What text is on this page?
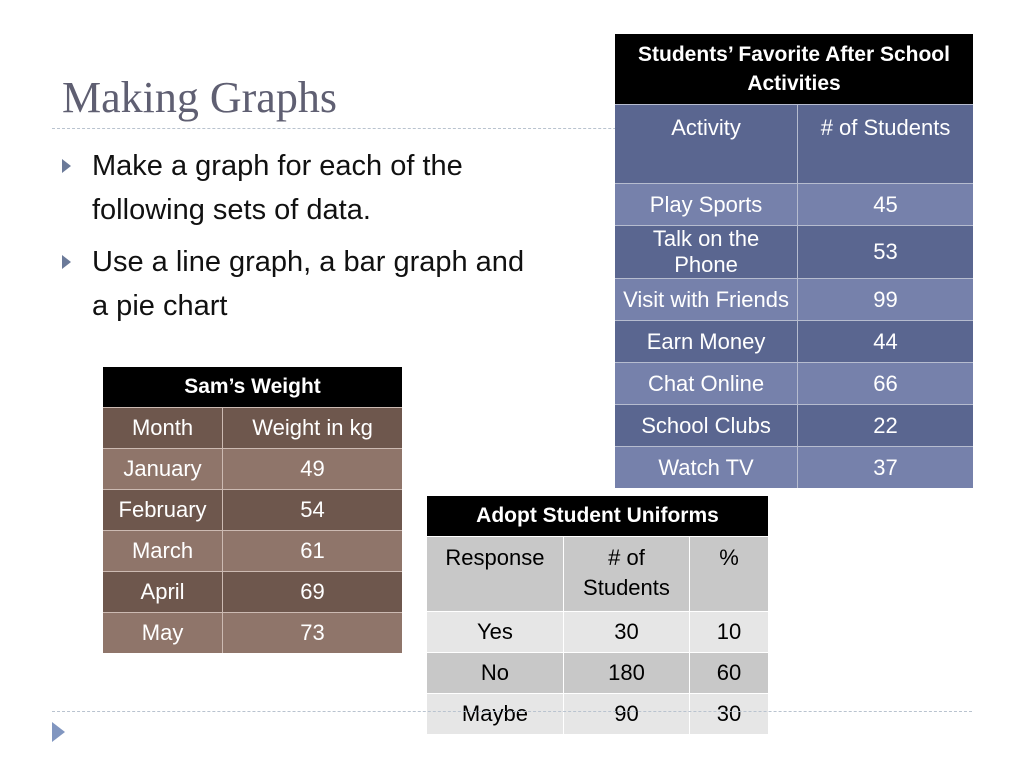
Making Graphs
Make a graph for each of the following sets of data.
Use a line graph, a bar graph and a pie chart
Students’ Favorite After School Activities	
Activity	# of Students
Play Sports	45
Talk on the Phone	53
Visit with Friends	99
Earn Money	44
Chat Online	66
School Clubs	22
Watch TV	37
Sam’s Weight	
Month	Weight in kg
January	49
February	54
March	61
April	69
May	73
Adopt Student Uniforms		
Response	# of Students	%
Yes	30	10
No	180	60
Maybe	90	30
